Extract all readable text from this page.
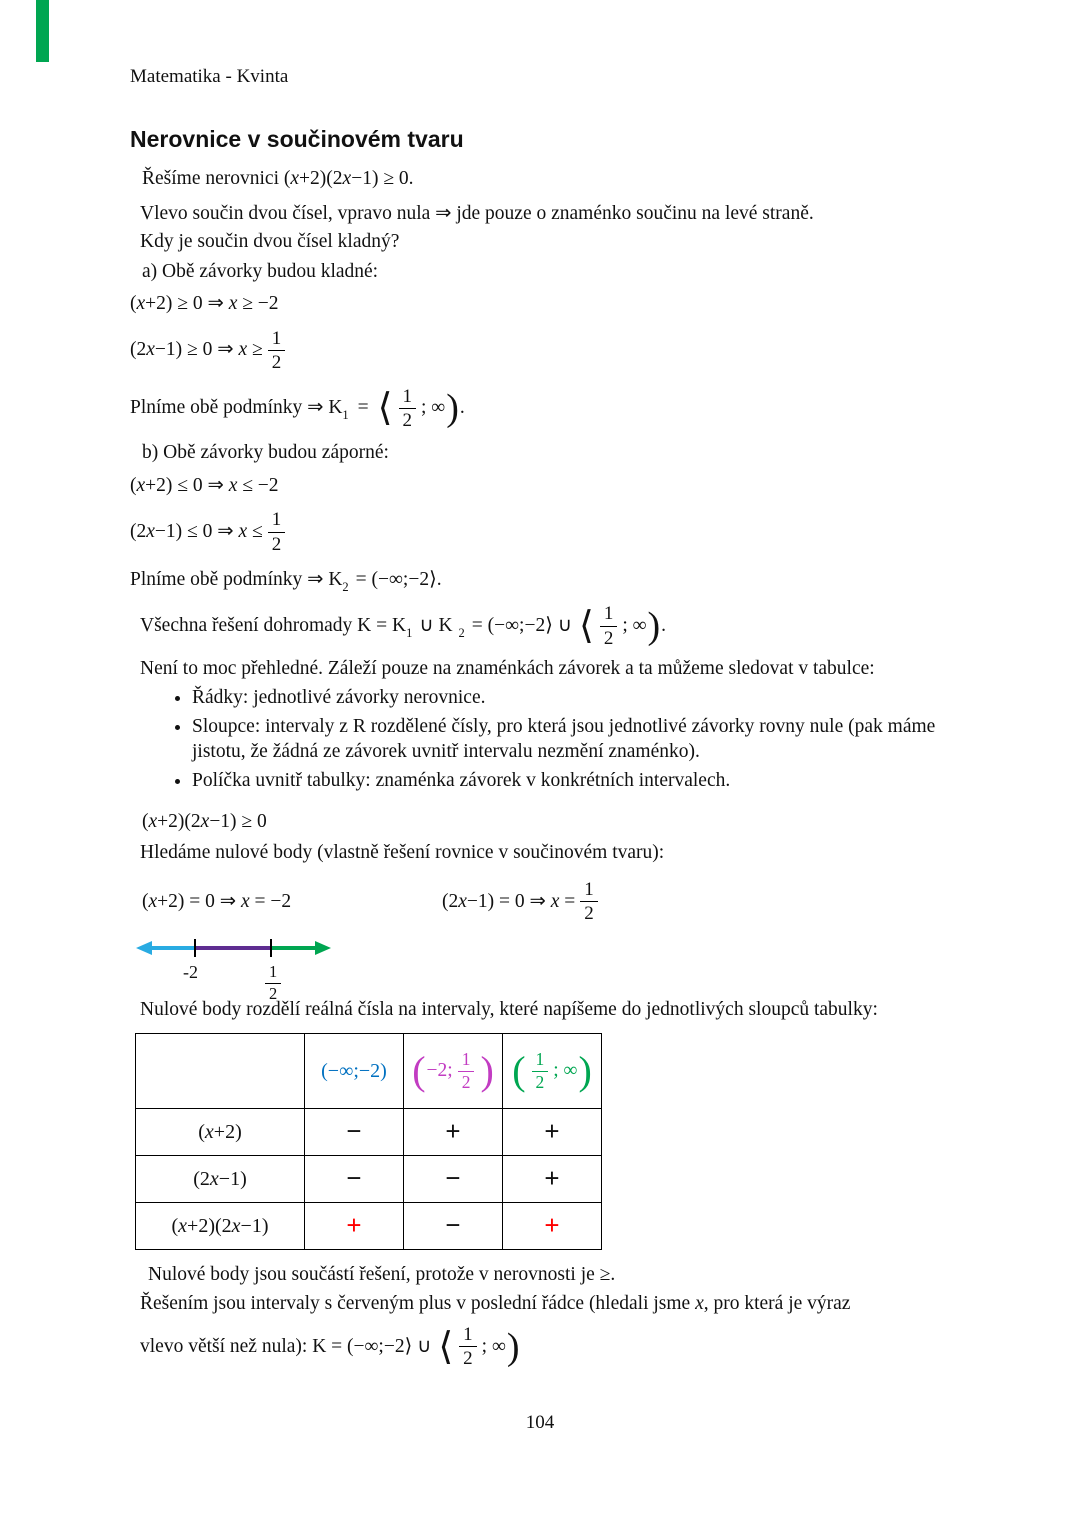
Matematika - Kvinta
Nerovnice v součinovém tvaru

Řešíme nerovnici (x+2)(2x−1) ≥ 0.

Vlevo součin dvou čísel, vpravo nula ⇒ jde pouze o znaménko součinu na levé straně.

Kdy je součin dvou čísel kladný?

a) Obě závorky budou kladné:

(x+2) ≥ 0 ⇒ x ≥ −2
(2x−1) ≥ 0 ⇒ $x \ge \frac{1}{2}$
Plníme obě podmínky ⇒ $K_1$ = ⟨ $\frac{1}{2}$ ; ∞ ) .

b) Obě závorky budou záporné:

(x+2) ≤ 0 ⇒ x ≤ −2
(2x−1) ≤ 0 ⇒ $x \le \frac{1}{2}$
Plníme obě podmínky ⇒ $K_2$ = (−∞;−2⟩.
Všechna řešení dohromady $K = K_1$ ∪ K $_2$ = (−∞;−2⟩ ∪ ⟨ $\frac{1}{2}$ ; ∞ ) .

Není to moc přehledné. Záleží pouze na znaménkách závorek a ta můžeme sledovat v tabulce:

• Řádky: jednotlivé závorky nerovnice.
• Sloupce: intervaly z R rozdělené čísly, pro která jsou jednotlivé závorky rovny nule (pak máme jistotu, že žádná ze závorek uvnitř intervalu nezmění znaménko).
• Políčka uvnitř tabulky: znaménka závorek v konkrétních intervalech.
(x+2)(2x−1) ≥ 0

Hledáme nulové body (vlastně řešení rovnice v součinovém tvaru):

(x+2) = 0 ⇒ x = −2	(2x−1) = 0 ⇒ $x = \frac{1}{2}$
-2	$\frac{1}{2}$

Nulové body rozdělí reálná čísla na intervaly, které napíšeme do jednotlivých sloupců tabulky:

	(−∞;−2)	( −2; $\frac{1}{2}$ )	( $\frac{1}{2}$ ; ∞ )

(x+2)	−	+	+
(2x−1)	−	−	+
(x+2)(2x−1)	+	−	+

Nulové body jsou součástí řešení, protože v nerovnosti je ≥.

Řešením jsou intervaly s červeným plus v poslední řádce (hledali jsme x, pro která je výraz

vlevo větší než nula): K = (−∞;−2⟩ ∪ ⟨ $\frac{1}{2}$ ; ∞ )
104
